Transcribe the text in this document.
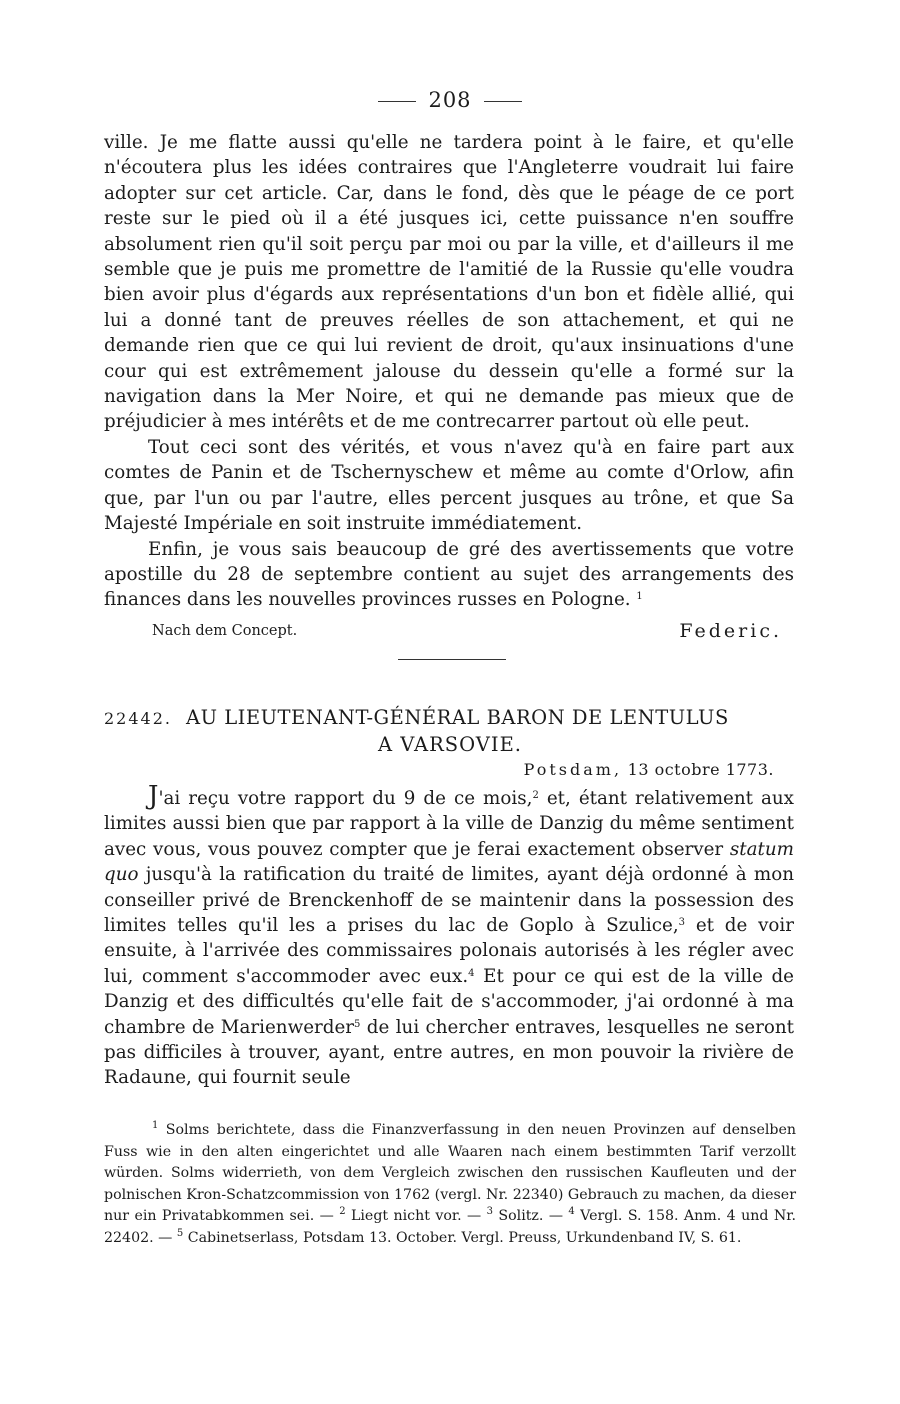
208

ville. Je me flatte aussi qu'elle ne tardera point à le faire, et qu'elle n'écoutera plus les idées contraires que l'Angleterre voudrait lui faire adopter sur cet article. Car, dans le fond, dès que le péage de ce port reste sur le pied où il a été jusques ici, cette puissance n'en souffre absolument rien qu'il soit perçu par moi ou par la ville, et d'ailleurs il me semble que je puis me promettre de l'amitié de la Russie qu'elle voudra bien avoir plus d'égards aux représentations d'un bon et fidèle allié, qui lui a donné tant de preuves réelles de son attachement, et qui ne demande rien que ce qui lui revient de droit, qu'aux insinuations d'une cour qui est extrêmement jalouse du dessein qu'elle a formé sur la navigation dans la Mer Noire, et qui ne demande pas mieux que de préjudicier à mes intérêts et de me contrecarrer partout où elle peut.

Tout ceci sont des vérités, et vous n'avez qu'à en faire part aux comtes de Panin et de Tschernyschew et même au comte d'Orlow, afin que, par l'un ou par l'autre, elles percent jusques au trône, et que Sa Majesté Impériale en soit instruite immédiatement.

Enfin, je vous sais beaucoup de gré des avertissements que votre apostille du 28 de septembre contient au sujet des arrangements des finances dans les nouvelles provinces russes en Pologne. $^1$

Nach dem Concept.	Federic.
22442. AU LIEUTENANT-GÉNÉRAL BARON DE LENTULUS
A VARSOVIE.
Potsdam, 13 octobre 1773.

J'ai reçu votre rapport du 9 de ce mois,$^2$ et, étant relativement aux limites aussi bien que par rapport à la ville de Danzig du même sentiment avec vous, vous pouvez compter que je ferai exactement observer statum quo jusqu'à la ratification du traité de limites, ayant déjà ordonné à mon conseiller privé de Brenckenhoff de se maintenir dans la possession des limites telles qu'il les a prises du lac de Goplo à Szulice,$^3$ et de voir ensuite, à l'arrivée des commissaires polonais autorisés à les régler avec lui, comment s'accommoder avec eux.$^4$ Et pour ce qui est de la ville de Danzig et des difficultés qu'elle fait de s'accommoder, j'ai ordonné à ma chambre de Marienwerder$^5$ de lui chercher entraves, lesquelles ne seront pas difficiles à trouver, ayant, entre autres, en mon pouvoir la rivière de Radaune, qui fournit seule

$^1$ Solms berichtete, dass die Finanzverfassung in den neuen Provinzen auf denselben Fuss wie in den alten eingerichtet und alle Waaren nach einem bestimmten Tarif verzollt würden. Solms widerrieth, von dem Vergleich zwischen den russischen Kaufleuten und der polnischen Kron-Schatzcommission von 1762 (vergl. Nr. 22340) Gebrauch zu machen, da dieser nur ein Privatabkommen sei. — $^2$ Liegt nicht vor. — $^3$ Solitz. — $^4$ Vergl. S. 158. Anm. 4 und Nr. 22402. — $^5$ Cabinetserlass, Potsdam 13. October. Vergl. Preuss, Urkundenband IV, S. 61.
